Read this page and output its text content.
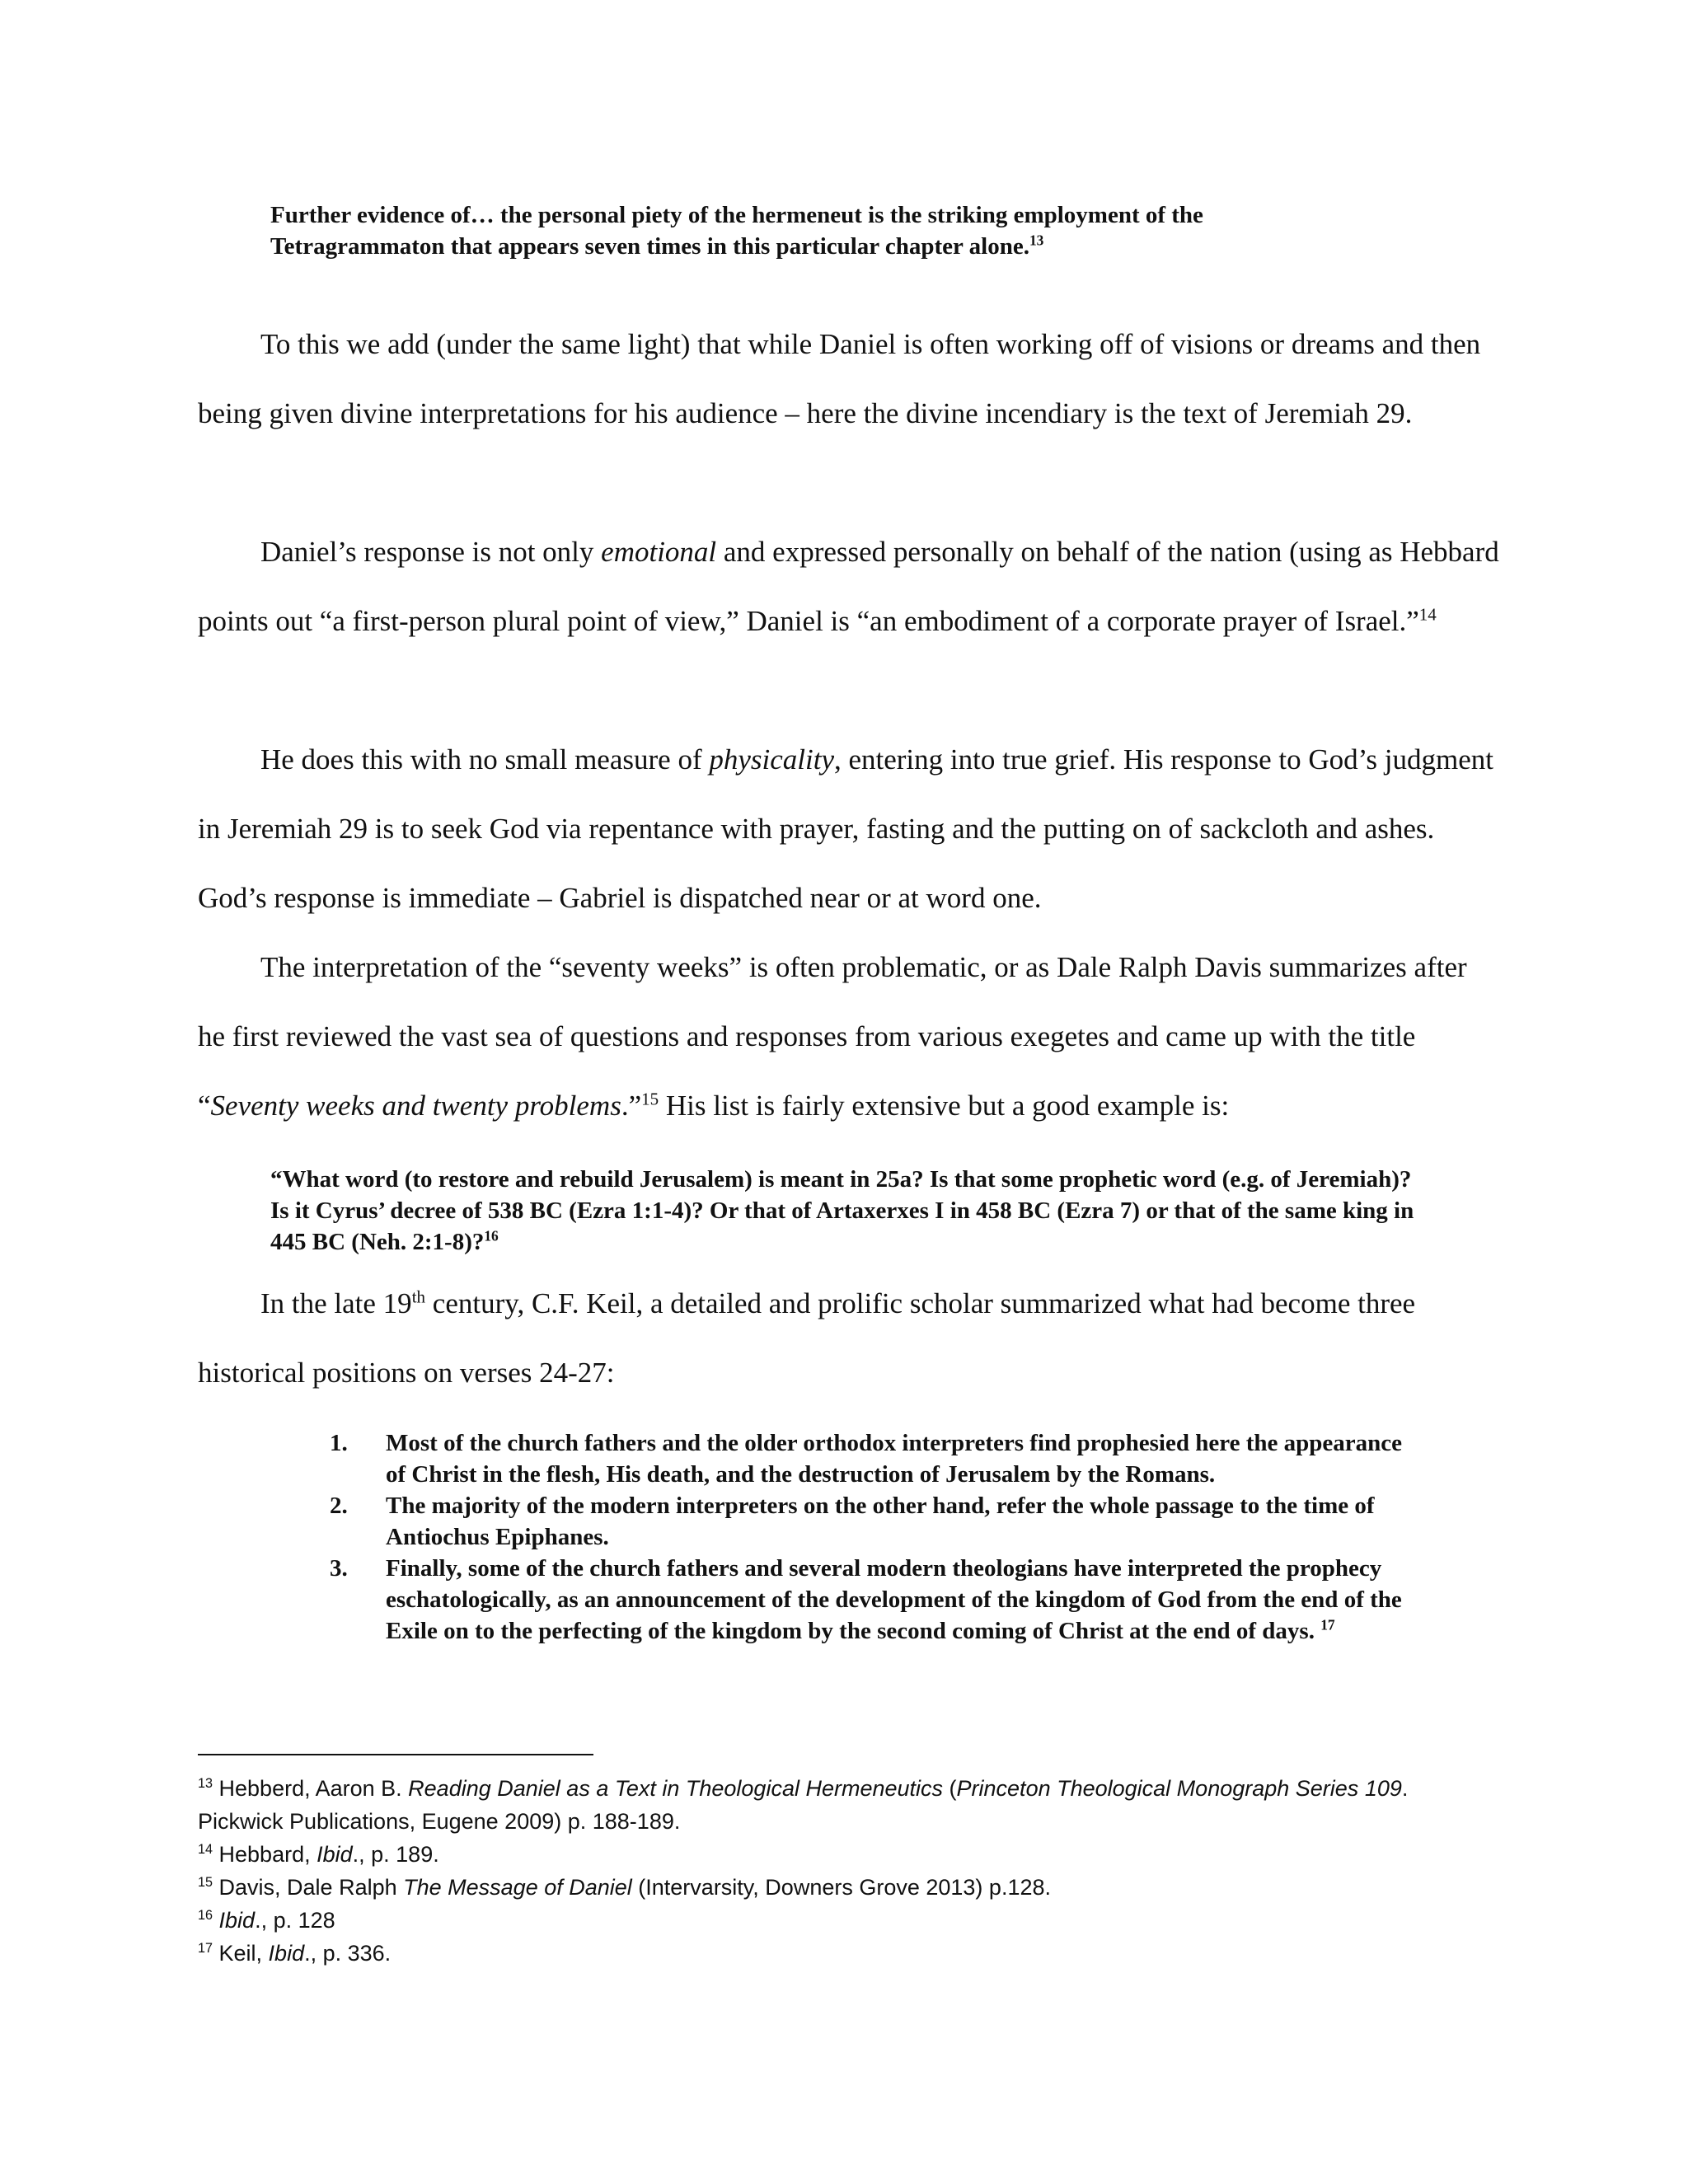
Further evidence of… the personal piety of the hermeneut is the striking employment of the Tetragrammaton that appears seven times in this particular chapter alone.$^{13}$
To this we add (under the same light) that while Daniel is often working off of visions or dreams and then being given divine interpretations for his audience – here the divine incendiary is the text of Jeremiah 29.
Daniel’s response is not only emotional and expressed personally on behalf of the nation (using as Hebbard points out “a first-person plural point of view,” Daniel is “an embodiment of a corporate prayer of Israel.”$^{14}$
He does this with no small measure of physicality, entering into true grief. His response to God’s judgment in Jeremiah 29 is to seek God via repentance with prayer, fasting and the putting on of sackcloth and ashes. God’s response is immediate – Gabriel is dispatched near or at word one.
The interpretation of the “seventy weeks” is often problematic, or as Dale Ralph Davis summarizes after he first reviewed the vast sea of questions and responses from various exegetes and came up with the title “Seventy weeks and twenty problems.”$^{15}$ His list is fairly extensive but a good example is:
“What word (to restore and rebuild Jerusalem) is meant in 25a? Is that some prophetic word (e.g. of Jeremiah)? Is it Cyrus’ decree of 538 BC (Ezra 1:1-4)? Or that of Artaxerxes I in 458 BC (Ezra 7) or that of the same king in 445 BC (Neh. 2:1-8)?$^{16}$
In the late 19th century, C.F. Keil, a detailed and prolific scholar summarized what had become three historical positions on verses 24-27:
1.	Most of the church fathers and the older orthodox interpreters find prophesied here the appearance of Christ in the flesh, His death, and the destruction of Jerusalem by the Romans.
2.	The majority of the modern interpreters on the other hand, refer the whole passage to the time of Antiochus Epiphanes.
3.	Finally, some of the church fathers and several modern theologians have interpreted the prophecy eschatologically, as an announcement of the development of the kingdom of God from the end of the Exile on to the perfecting of the kingdom by the second coming of Christ at the end of days. $^{17}$

$^{13}$ Hebberd, Aaron B. Reading Daniel as a Text in Theological Hermeneutics (Princeton Theological Monograph Series 109. Pickwick Publications, Eugene 2009) p. 188-189.

$^{14}$ Hebbard, Ibid., p. 189.

$^{15}$ Davis, Dale Ralph The Message of Daniel (Intervarsity, Downers Grove 2013) p.128.

$^{16}$ Ibid., p. 128

$^{17}$ Keil, Ibid., p. 336.
